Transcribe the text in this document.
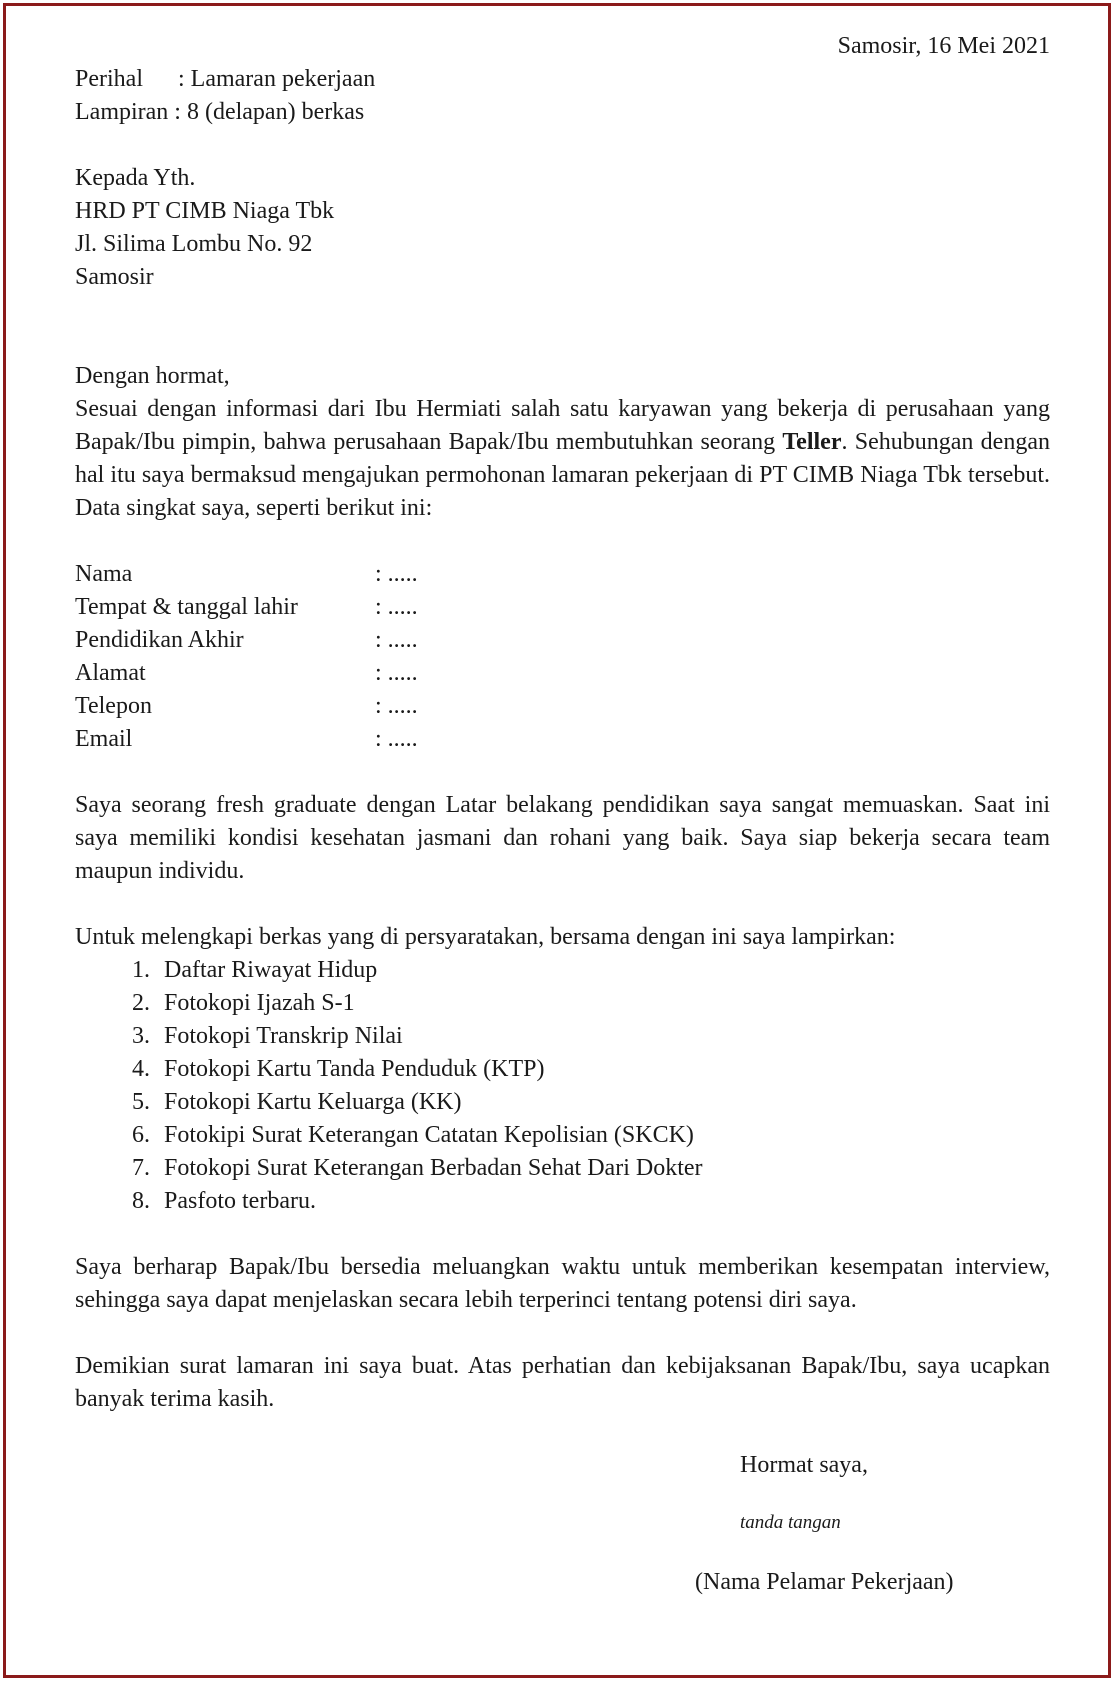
Samosir, 16 Mei 2021
Perihal : Lamaran pekerjaan
Lampiran : 8 (delapan) berkas
Kepada Yth.
HRD PT CIMB Niaga Tbk
Jl. Silima Lombu No. 92
Samosir
Dengan hormat,
Sesuai dengan informasi dari Ibu Hermiati salah satu karyawan yang bekerja di perusahaan yang Bapak/Ibu pimpin, bahwa perusahaan Bapak/Ibu membutuhkan seorang Teller. Sehubungan dengan hal itu saya bermaksud mengajukan permohonan lamaran pekerjaan di PT CIMB Niaga Tbk tersebut. Data singkat saya, seperti berikut ini:
Nama	: .....
Tempat & tanggal lahir	: .....
Pendidikan Akhir	: .....
Alamat	: .....
Telepon	: .....
Email	: .....
Saya seorang fresh graduate dengan Latar belakang pendidikan saya sangat memuaskan. Saat ini saya memiliki kondisi kesehatan jasmani dan rohani yang baik. Saya siap bekerja secara team maupun individu.
Untuk melengkapi berkas yang di persyaratakan, bersama dengan ini saya lampirkan:
1. Daftar Riwayat Hidup
2. Fotokopi Ijazah S-1
3. Fotokopi Transkrip Nilai
4. Fotokopi Kartu Tanda Penduduk (KTP)
5. Fotokopi Kartu Keluarga (KK)
6. Fotokipi Surat Keterangan Catatan Kepolisian (SKCK)
7. Fotokopi Surat Keterangan Berbadan Sehat Dari Dokter
8. Pasfoto terbaru.
Saya berharap Bapak/Ibu bersedia meluangkan waktu untuk memberikan kesempatan interview, sehingga saya dapat menjelaskan secara lebih terperinci tentang potensi diri saya.
Demikian surat lamaran ini saya buat. Atas perhatian dan kebijaksanan Bapak/Ibu, saya ucapkan banyak terima kasih.
Hormat saya,
tanda tangan
(Nama Pelamar Pekerjaan)
